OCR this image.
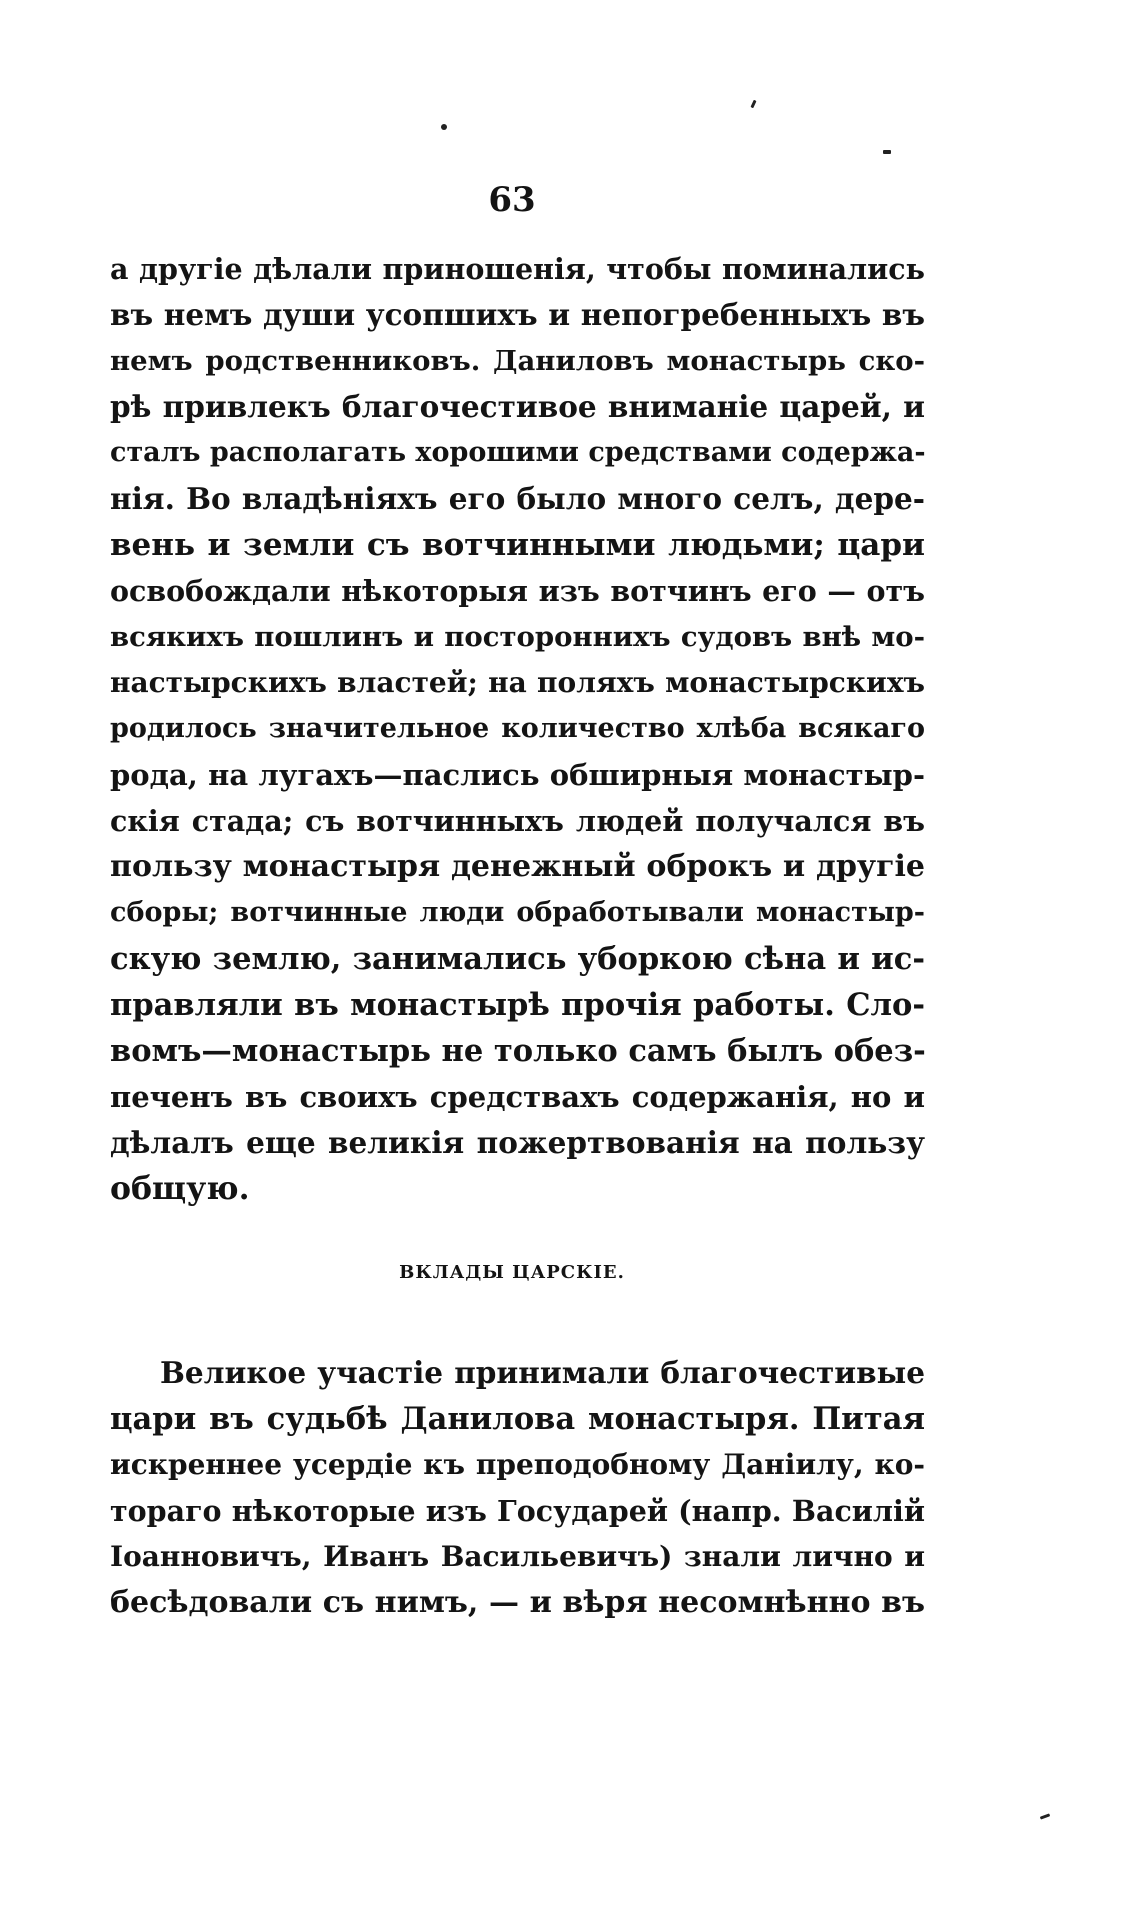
63
а другіе дѣлали приношенія, чтобы поминались
въ немъ души усопшихъ и непогребенныхъ въ
немъ родственниковъ. Даниловъ монастырь ско-
рѣ привлекъ благочестивое вниманіе царей, и
сталъ располагать хорошими средствами содержа-
нія. Во владѣніяхъ его было много селъ, дере-
вень и земли съ вотчинными людьми; цари
освобождали нѣкоторыя изъ вотчинъ его — отъ
всякихъ пошлинъ и постороннихъ судовъ внѣ мо-
настырскихъ властей; на поляхъ монастырскихъ
родилось значительное количество хлѣба всякаго
рода, на лугахъ—паслись обширныя монастыр-
скія стада; съ вотчинныхъ людей получался въ
пользу монастыря денежный оброкъ и другіе
сборы; вотчинные люди обработывали монастыр-
скую землю, занимались уборкою сѣна и ис-
правляли въ монастырѣ прочія работы. Сло-
вомъ—монастырь не только самъ былъ обез-
печенъ въ своихъ средствахъ содержанія, но и
дѣлалъ еще великія пожертвованія на пользу
общую.
ВКЛАДЫ ЦАРСКІЕ.
Великое участіе принимали благочестивые
цари въ судьбѣ Данилова монастыря. Питая
искреннее усердіе къ преподобному Даніилу, ко-
тораго нѣкоторые изъ Государей (напр. Василій
Іоанновичъ, Иванъ Васильевичъ) знали лично и
бесѣдовали съ нимъ, — и вѣря несомнѣнно въ
